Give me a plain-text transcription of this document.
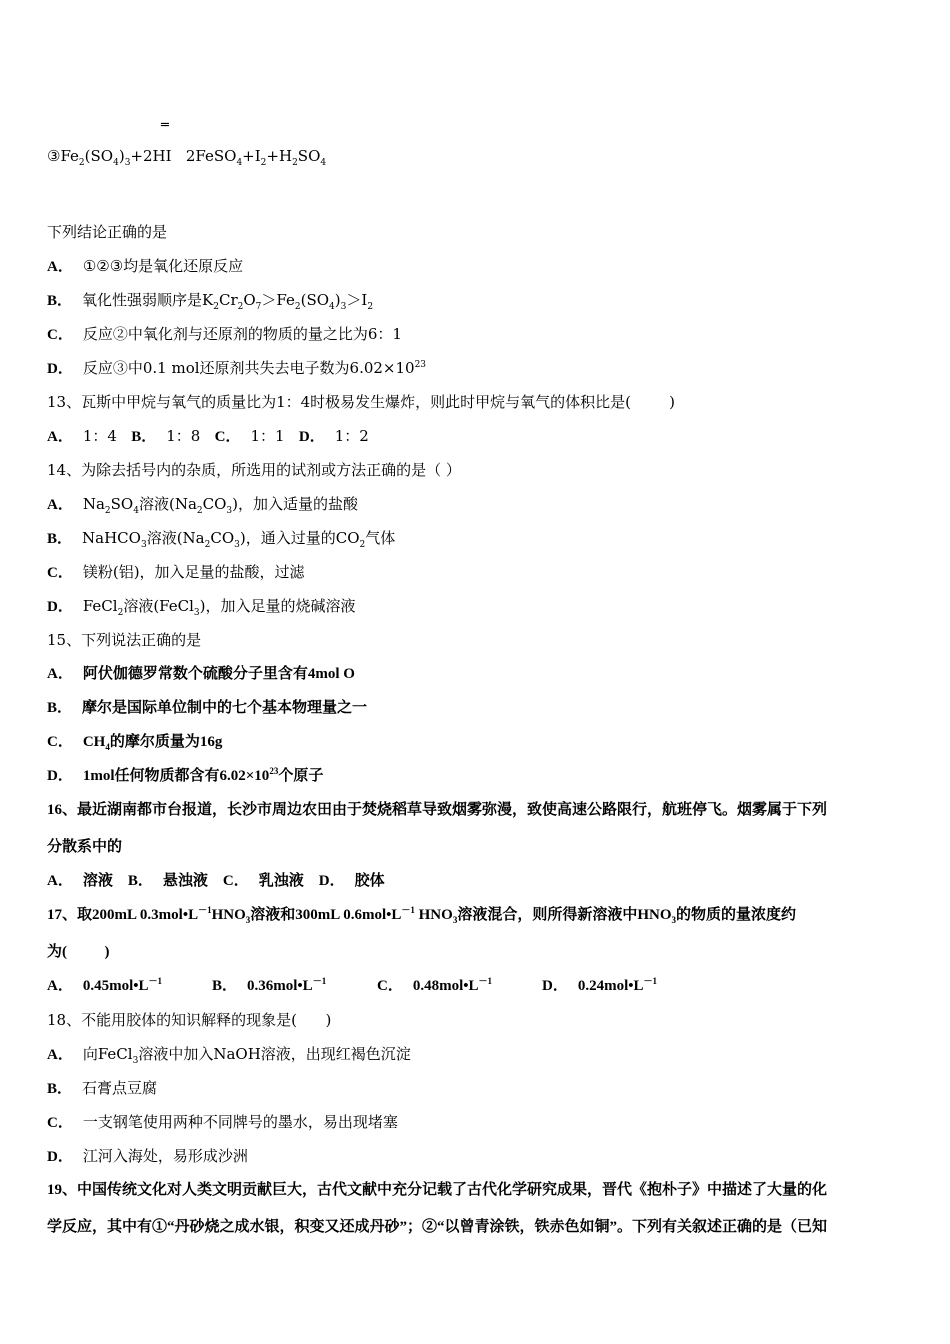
═
$③Fe_2(SO_4)_3+2HI$   $2FeSO_4+I_2+H_2SO_4$
下列结论正确的是
A． ①②③均是氧化还原反应
B． 氧化性强弱顺序是$K_2Cr_2O_7>Fe_2(SO_4)_3>I_2$
C． 反应②中氧化剂与还原剂的物质的量之比为6：1
D． 反应③中0.1 mol还原剂共失去电子数为$6.02\times 10^{23}$
13、瓦斯中甲烷与氧气的质量比为1：4时极易发生爆炸，则此时甲烷与氧气的体积比是(        )
A． 1：4 B． 1：8 C． 1：1 D． 1：2
14、为除去括号内的杂质，所选用的试剂或方法正确的是（ ）
A． $Na_2SO_4$溶液$(Na_2CO_3)$，加入适量的盐酸
B． NaHCO$_3$溶液$(Na_2CO_3)$，通入过量的$CO_2$气体
C． 镁粉(铝)，加入足量的盐酸，过滤
D． FeCl$_2$溶液(FeCl$_3$)，加入足量的烧碱溶液
15、下列说法正确的是
A． 阿伏伽德罗常数个硫酸分子里含有4mol O
B． 摩尔是国际单位制中的七个基本物理量之一
C． $CH_4$的摩尔质量为16g
D． 1mol任何物质都含有$6.02\times 10^{23}$个原子
16、最近湖南都市台报道，长沙市周边农田由于焚烧稻草导致烟雾弥漫，致使高速公路限行，航班停飞。烟雾属于下列
分散系中的
A． 溶液 B． 悬浊液 C． 乳浊液 D． 胶体
17、取200mL $0.3mol•L^{-1}HNO_3$溶液和300mL $0.6mol•L^{-1}$ $HNO_3$溶液混合，则所得新溶液中$HNO_3$的物质的量浓度约
为(          )
A． $0.45mol•L^{-1}$	B． $0.36mol•L^{-1}$	C． $0.48mol•L^{-1}$	D． $0.24mol•L^{-1}$
18、不能用胶体的知识解释的现象是(      )
A． 向FeCl$_3$溶液中加入NaOH溶液，出现红褐色沉淀
B． 石膏点豆腐
C． 一支钢笔使用两种不同牌号的墨水，易出现堵塞
D． 江河入海处，易形成沙洲
19、中国传统文化对人类文明贡献巨大，古代文献中充分记载了古代化学研究成果，晋代《抱朴子》中描述了大量的化
学反应，其中有①“丹砂烧之成水银，积变又还成丹砂”；②“以曾青涂铁，铁赤色如铜”。下列有关叙述正确的是（已知
